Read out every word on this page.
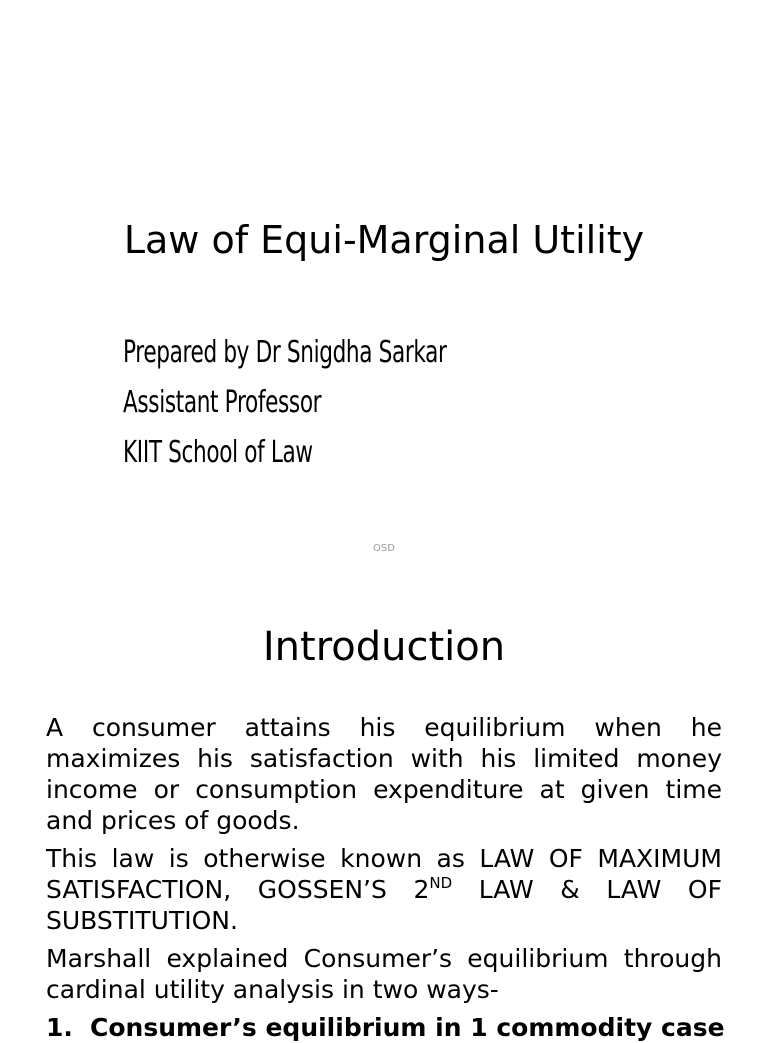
Law of Equi-Marginal Utility
Prepared by Dr Snigdha Sarkar
Assistant Professor
KIIT School of Law
OSD
Introduction

A consumer attains his equilibrium when he maximizes his satisfaction with his limited money income or consumption expenditure at given time and prices of goods.

This law is otherwise known as LAW OF MAXIMUM SATISFACTION, GOSSEN’S 2ND LAW & LAW OF SUBSTITUTION.

Marshall explained Consumer’s equilibrium through cardinal utility analysis in two ways-

1. Consumer’s equilibrium in 1 commodity case
